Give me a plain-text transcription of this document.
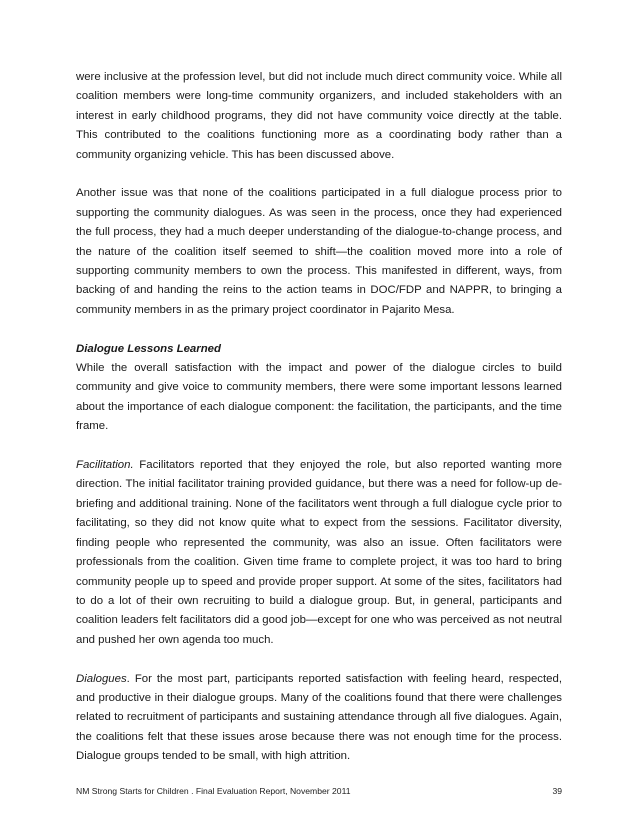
were inclusive at the profession level, but did not include much direct community voice. While all coalition members were long-time community organizers, and included stakeholders with an interest in early childhood programs, they did not have community voice directly at the table. This contributed to the coalitions functioning more as a coordinating body rather than a community organizing vehicle. This has been discussed above.

Another issue was that none of the coalitions participated in a full dialogue process prior to supporting the community dialogues. As was seen in the process, once they had experienced the full process, they had a much deeper understanding of the dialogue-to-change process, and the nature of the coalition itself seemed to shift—the coalition moved more into a role of supporting community members to own the process. This manifested in different, ways, from backing of and handing the reins to the action teams in DOC/FDP and NAPPR, to bringing a community members in as the primary project coordinator in Pajarito Mesa.

Dialogue Lessons Learned

While the overall satisfaction with the impact and power of the dialogue circles to build community and give voice to community members, there were some important lessons learned about the importance of each dialogue component: the facilitation, the participants, and the time frame.

Facilitation. Facilitators reported that they enjoyed the role, but also reported wanting more direction. The initial facilitator training provided guidance, but there was a need for follow-up de-briefing and additional training. None of the facilitators went through a full dialogue cycle prior to facilitating, so they did not know quite what to expect from the sessions. Facilitator diversity, finding people who represented the community, was also an issue. Often facilitators were professionals from the coalition. Given time frame to complete project, it was too hard to bring community people up to speed and provide proper support. At some of the sites, facilitators had to do a lot of their own recruiting to build a dialogue group. But, in general, participants and coalition leaders felt facilitators did a good job—except for one who was perceived as not neutral and pushed her own agenda too much.

Dialogues. For the most part, participants reported satisfaction with feeling heard, respected, and productive in their dialogue groups. Many of the coalitions found that there were challenges related to recruitment of participants and sustaining attendance through all five dialogues. Again, the coalitions felt that these issues arose because there was not enough time for the process. Dialogue groups tended to be small, with high attrition.

NM Strong Starts for Children . Final Evaluation Report, November 2011	39
